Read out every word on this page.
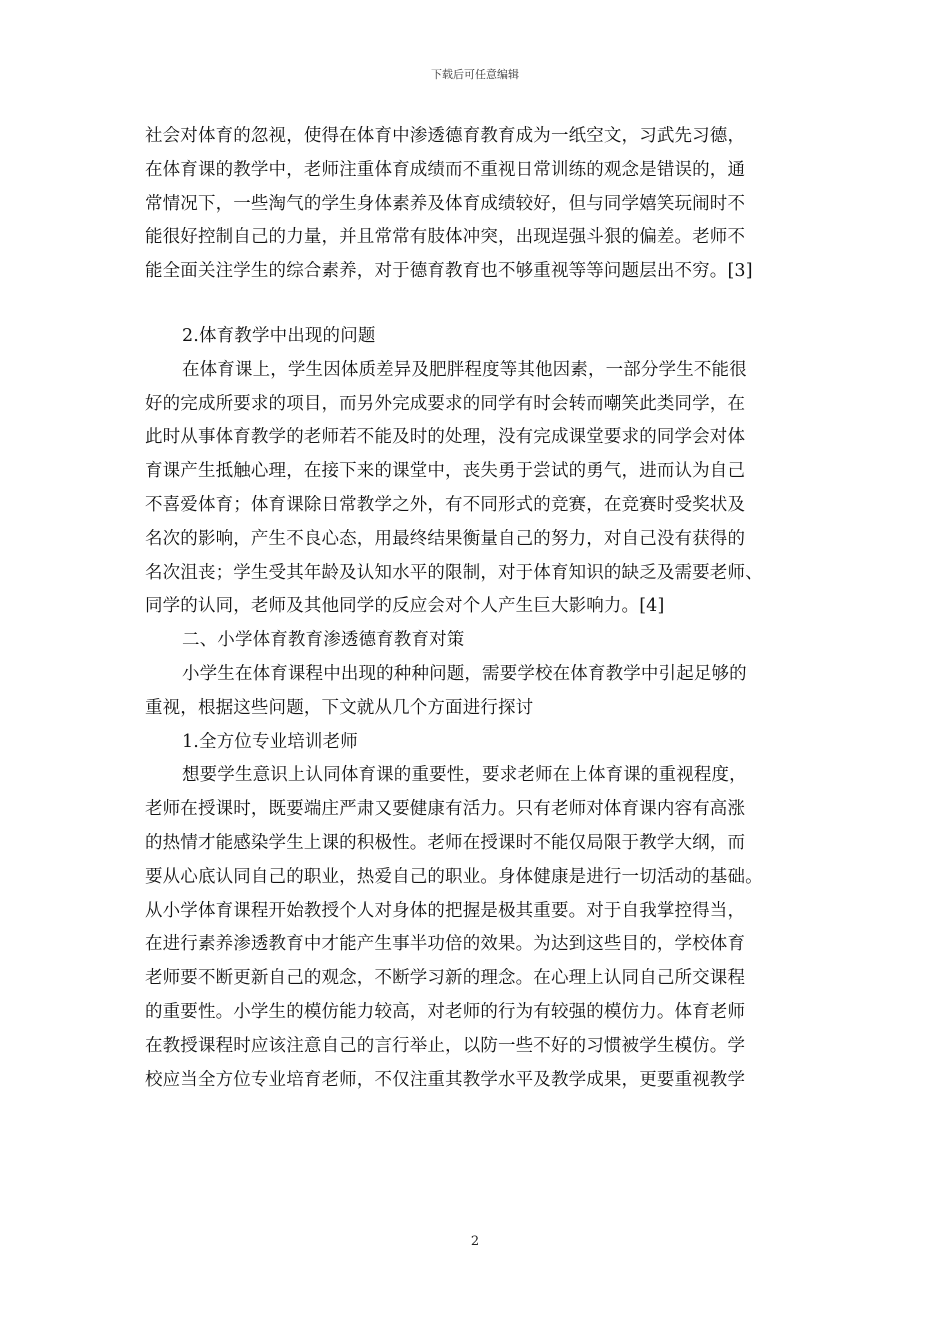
下载后可任意编辑
社会对体育的忽视，使得在体育中渗透德育教育成为一纸空文，习武先习德，
在体育课的教学中，老师注重体育成绩而不重视日常训练的观念是错误的，通
常情况下，一些淘气的学生身体素养及体育成绩较好，但与同学嬉笑玩闹时不
能很好控制自己的力量，并且常常有肢体冲突，出现逞强斗狠的偏差。老师不
能全面关注学生的综合素养，对于德育教育也不够重视等等问题层出不穷。[3]
2.体育教学中出现的问题
在体育课上，学生因体质差异及肥胖程度等其他因素，一部分学生不能很
好的完成所要求的项目，而另外完成要求的同学有时会转而嘲笑此类同学，在
此时从事体育教学的老师若不能及时的处理，没有完成课堂要求的同学会对体
育课产生抵触心理，在接下来的课堂中，丧失勇于尝试的勇气，进而认为自己
不喜爱体育；体育课除日常教学之外，有不同形式的竞赛，在竞赛时受奖状及
名次的影响，产生不良心态，用最终结果衡量自己的努力，对自己没有获得的
名次沮丧；学生受其年龄及认知水平的限制，对于体育知识的缺乏及需要老师、
同学的认同，老师及其他同学的反应会对个人产生巨大影响力。[4]
二、小学体育教育渗透德育教育对策
小学生在体育课程中出现的种种问题，需要学校在体育教学中引起足够的
重视，根据这些问题，下文就从几个方面进行探讨
1.全方位专业培训老师
想要学生意识上认同体育课的重要性，要求老师在上体育课的重视程度，
老师在授课时，既要端庄严肃又要健康有活力。只有老师对体育课内容有高涨
的热情才能感染学生上课的积极性。老师在授课时不能仅局限于教学大纲，而
要从心底认同自己的职业，热爱自己的职业。身体健康是进行一切活动的基础。
从小学体育课程开始教授个人对身体的把握是极其重要。对于自我掌控得当，
在进行素养渗透教育中才能产生事半功倍的效果。为达到这些目的，学校体育
老师要不断更新自己的观念，不断学习新的理念。在心理上认同自己所交课程
的重要性。小学生的模仿能力较高，对老师的行为有较强的模仿力。体育老师
在教授课程时应该注意自己的言行举止，以防一些不好的习惯被学生模仿。学
校应当全方位专业培育老师，不仅注重其教学水平及教学成果，更要重视教学
2
